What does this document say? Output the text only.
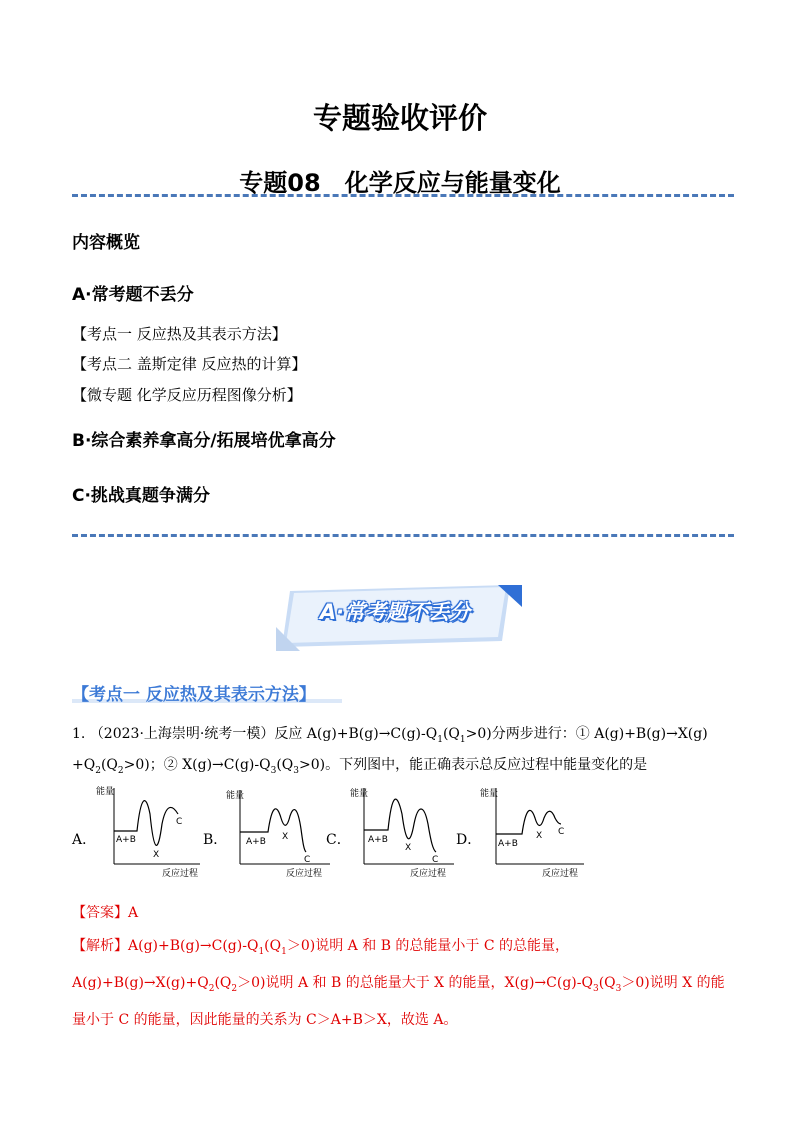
专题验收评价
专题08　化学反应与能量变化
内容概览
A·常考题不丢分
【考点一 反应热及其表示方法】
【考点二 盖斯定律 反应热的计算】
【微专题 化学反应历程图像分析】
B·综合素养拿高分/拓展培优拿高分
C·挑战真题争满分
A·常考题不丢分
【考点一 反应热及其表示方法】
1. （2023·上海崇明·统考一模）反应 $A(g)+B(g)\to C(g)-Q_1(Q_1>0)$分两步进行：① A(g)+B(g)→X(g)
$+Q_2(Q_2>0)$；② $X(g)\to C(g)-Q_3(Q_3>0)$。下列图中，能正确表示总反应过程中能量变化的是
A．
能量
A+B
X
C
反应过程
B．
能量
A+B X
C
反应过程
C．
能量
A+B
X
C
反应过程
D．
能量
A+B
X C
反应过程
【答案】A
【解析】$A(g)+B(g)\to C(g)-Q_1(Q_1>0)$说明 A 和 B 的总能量小于 C 的总能量，$A(g)+B(g)\to X(g)+Q_2(Q_2>0)$说明 A 和 B 的总能量大于 X 的能量，$X(g)\to C(g)-Q_3(Q_3>0)$说明 X 的能量小于 C 的能量，因此能量的关系为 C＞A+B＞X，故选 A。
